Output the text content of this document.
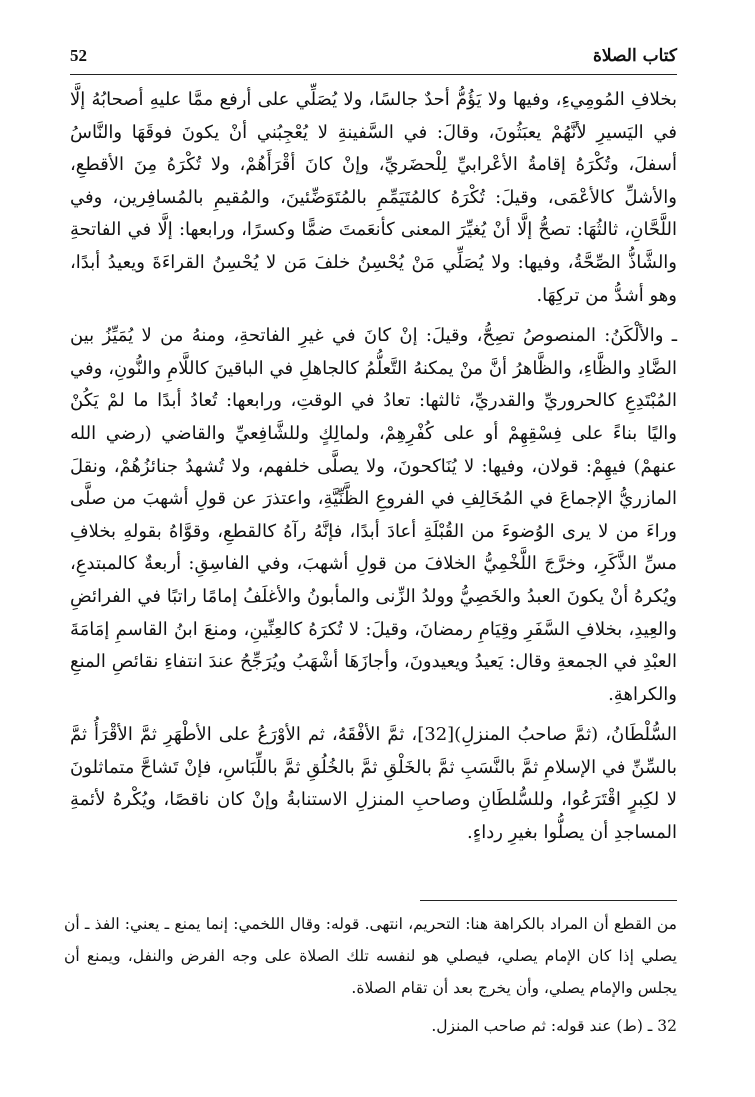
52	كتاب الصلاة

بخلافِ المُومِيءِ، وفيها ولا يَؤُمُّ أحدٌ جالسًا، ولا يُصَلِّي على أرفع ممَّا عليهِ أصحابُهُ إلَّا في اليَسيرِ لأنَّهُمْ يعبَثُونَ، وقالَ: في السَّفينةِ لا يُعْجِبُني أنْ يكونَ فوقَهَا والنَّاسُ أسفلَ، وتُكْرَهُ إقامةُ الأعْرابيِّ لِلْحضَريِّ، وإنْ كانَ أقْرَأَهُمْ، ولا تُكْرَهُ مِنَ الأقطعِ، والأشلِّ كالأعْمَى، وقيلَ: تُكْرَهُ كالمُتَيَمِّمِ بالمُتَوَضِّئينَ، والمُقيمِ بالمُسافِرين، وفي اللَّحَّانِ، ثالثُهَا: تصحُّ إلَّا أنْ يُغيِّرَ المعنى كأنعَمتَ ضمًّا وكسرًا، ورابعها: إلَّا في الفاتحةِ والشَّاذُّ الصِّحَّةُ، وفيها: ولا يُصَلِّي مَنْ يُحْسِنُ خلفَ مَن لا يُحْسِنُ القراءَةَ ويعيدُ أبدًا، وهو أشدُّ من تركِهَا.

ـ والألْكَنُ: المنصوصُ تصِحُّ، وقيلَ: إنْ كانَ في غيرِ الفاتحةِ، ومنهُ من لا يُمَيِّزُ بين الضَّادِ والظَّاءِ، والظَّاهرُ أنَّ منْ يمكنهُ التَّعلُّمُ كالجاهلِ في الباقينَ كاللَّامِ والنُّونِ، وفي المُبْتَدِعِ كالحروريِّ والقدريِّ، ثالثها: تعادُ في الوقتِ، ورابعها: تُعادُ أبدًا ما لمْ يَكُنْ واليًا بناءً على فِسْقِهِمْ أو على كُفْرِهِمْ، ولمالِكٍ وللشَّافِعيِّ والقاضي (رضي الله عنهمْ) فيهِمْ: قولان، وفيها: لا يُنَاكحونَ، ولا يصلَّى خلفهم، ولا تُشهدُ جنائزُهُمْ، ونقلَ المازريُّ الإجماعَ في المُخَالِفِ في الفروعِ الظَّنِّيَّةِ، واعتذرَ عن قولِ أشهبَ من صلَّى وراءَ من لا يرى الوُضوءَ من القُبْلَةِ أعادَ أبدًا، فإنَّهُ رآهُ كالقطعِ، وقوَّاهُ بقولهِ بخلافِ مسِّ الذَّكَرِ، وخرَّجَ اللَّخْمِيُّ الخلافَ من قولِ أشهبَ، وفي الفاسِقِ: أربعةٌ كالمبتدعِ، ويُكرهُ أنْ يكونَ العبدُ والخَصِيُّ وولدُ الزِّنى والمأبونُ والأغلَفُ إمامًا راتبًا في الفرائضِ والعِيدِ، بخلافِ السَّفَرِ وقِيَامِ رمضانَ، وقيلَ: لا تُكرَهُ كالعِنِّينِ، ومنعَ ابنُ القاسمِ إمَامَةَ العبْدِ في الجمعةِ وقال: يَعيدُ ويعيدونَ، وأجازَهَا أشْهَبُ ويُرَجِّحُ عندَ انتفاءِ نقائصِ المنعِ والكراهةِ.

السُّلْطَانُ، (ثمَّ صاحبُ المنزلِ)[32]، ثمَّ الأفْقَهُ، ثم الأوْرَعُ على الأطْهَرِ ثمَّ الأقْرَأُ ثمَّ بالسِّنِّ في الإسلامِ ثمَّ بالنَّسَبِ ثمَّ بالخَلْقِ ثمَّ بالخُلُقِ ثمَّ باللِّبَاسِ، فإنْ تَشاحَّ متماثلونَ لا لكِبرٍ اقْتَرَعُوا، وللسُّلطَانِ وصاحبِ المنزلِ الاستنابةُ وإنْ كان ناقصًا، ويُكْرهُ لأئمةِ المساجدِ أن يصلُّوا بغيرِ رداءٍ.

من القطع أن المراد بالكراهة هنا: التحريم، انتهى. قوله: وقال اللخمي: إنما يمنع ـ يعني: الفذ ـ أن يصلي إذا كان الإمام يصلي، فيصلي هو لنفسه تلك الصلاة على وجه الفرض والنفل، ويمنع أن يجلس والإمام يصلي، وأن يخرج بعد أن تقام الصلاة.

32 ـ (ط) عند قوله: ثم صاحب المنزل.
